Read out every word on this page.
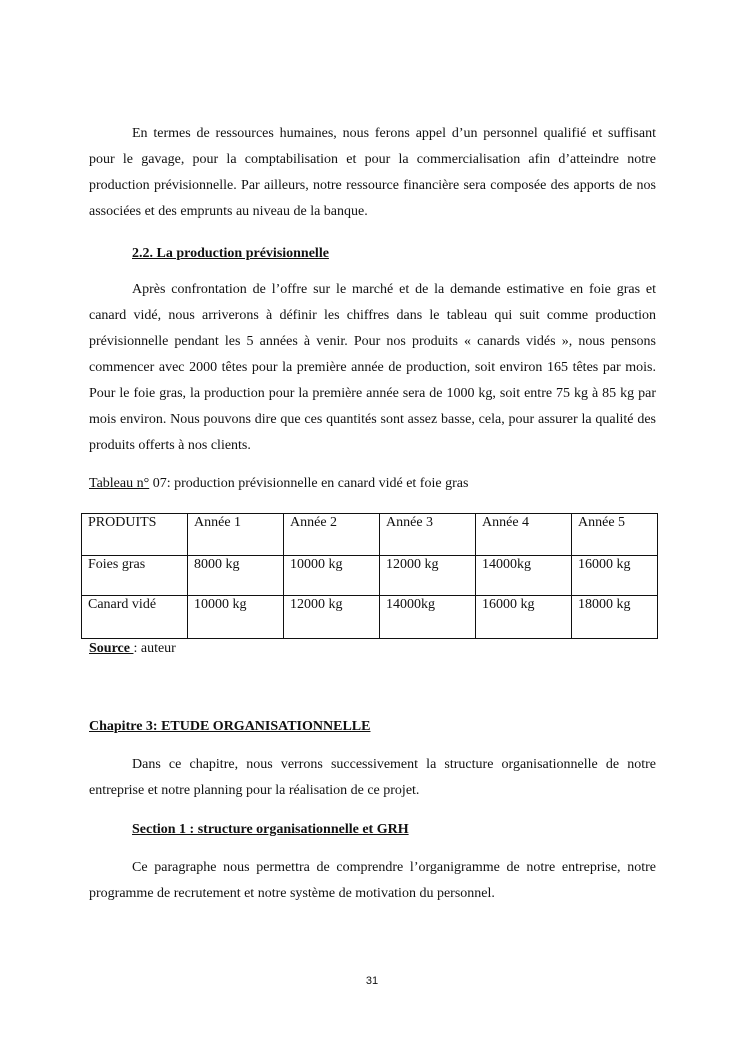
En termes de ressources humaines, nous ferons appel d’un personnel qualifié et suffisant pour le gavage, pour la comptabilisation et pour la commercialisation afin d’atteindre notre production prévisionnelle. Par ailleurs, notre ressource financière sera composée des apports de nos associées et des emprunts au niveau de la banque.

2.2. La production prévisionnelle

Après confrontation de l’offre sur le marché et de la demande estimative en foie gras et canard vidé, nous arriverons à définir les chiffres dans le tableau qui suit comme production prévisionnelle pendant les 5 années à venir. Pour nos produits « canards vidés », nous pensons commencer avec 2000 têtes pour la première année de production, soit environ 165 têtes par mois. Pour le foie gras, la production pour la première année sera de 1000 kg, soit entre 75 kg à 85 kg par mois environ. Nous pouvons dire que ces quantités sont assez basse, cela, pour assurer la qualité des produits offerts à nos clients.

Tableau n° 07: production prévisionnelle en canard vidé et foie gras
PRODUITS	Année 1	Année 2	Année 3	Année 4	Année 5
Foies gras	8000 kg	10000 kg	12000 kg	14000kg	16000 kg
Canard vidé	10000 kg	12000 kg	14000kg	16000 kg	18000 kg
Source : auteur
Chapitre 3: ETUDE ORGANISATIONNELLE

Dans ce chapitre, nous verrons successivement la structure organisationnelle de notre entreprise et notre planning pour la réalisation de ce projet.

Section 1 : structure organisationnelle et GRH

Ce paragraphe nous permettra de comprendre l’organigramme de notre entreprise, notre programme de recrutement et notre système de motivation du personnel.

31
